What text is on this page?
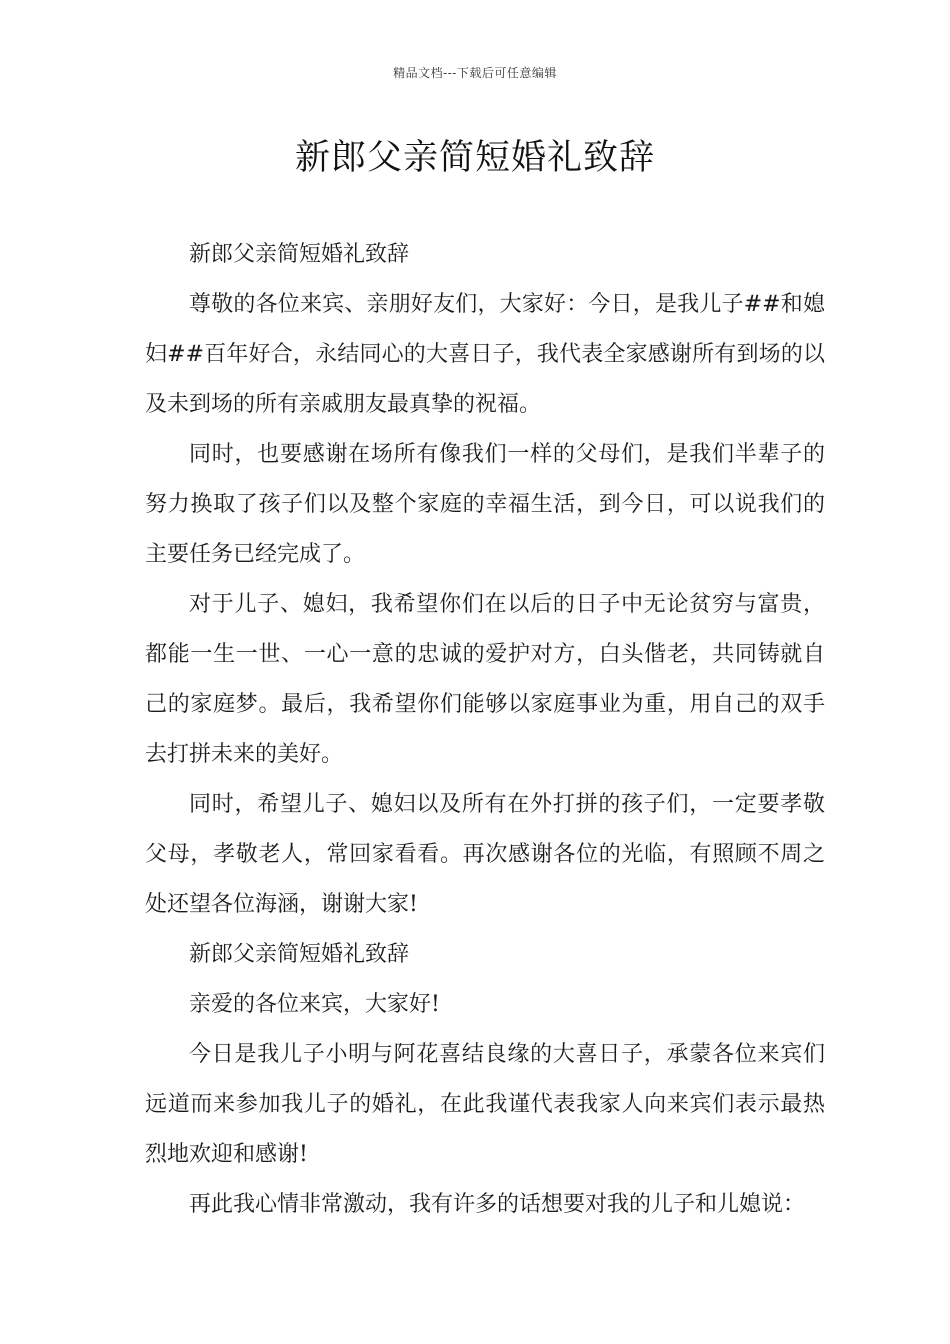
精品文档---下载后可任意编辑
新郎父亲简短婚礼致辞

新郎父亲简短婚礼致辞

尊敬的各位来宾、亲朋好友们，大家好：今日，是我儿子##和媳妇##百年好合，永结同心的大喜日子，我代表全家感谢所有到场的以及未到场的所有亲戚朋友最真挚的祝福。

同时，也要感谢在场所有像我们一样的父母们，是我们半辈子的努力换取了孩子们以及整个家庭的幸福生活，到今日，可以说我们的主要任务已经完成了。

对于儿子、媳妇，我希望你们在以后的日子中无论贫穷与富贵，都能一生一世、一心一意的忠诚的爱护对方，白头偕老，共同铸就自己的家庭梦。最后，我希望你们能够以家庭事业为重，用自己的双手去打拼未来的美好。

同时，希望儿子、媳妇以及所有在外打拼的孩子们，一定要孝敬父母，孝敬老人，常回家看看。再次感谢各位的光临，有照顾不周之处还望各位海涵，谢谢大家!

新郎父亲简短婚礼致辞

亲爱的各位来宾，大家好!

今日是我儿子小明与阿花喜结良缘的大喜日子，承蒙各位来宾们远道而来参加我儿子的婚礼，在此我谨代表我家人向来宾们表示最热烈地欢迎和感谢!

再此我心情非常激动，我有许多的话想要对我的儿子和儿媳说：
